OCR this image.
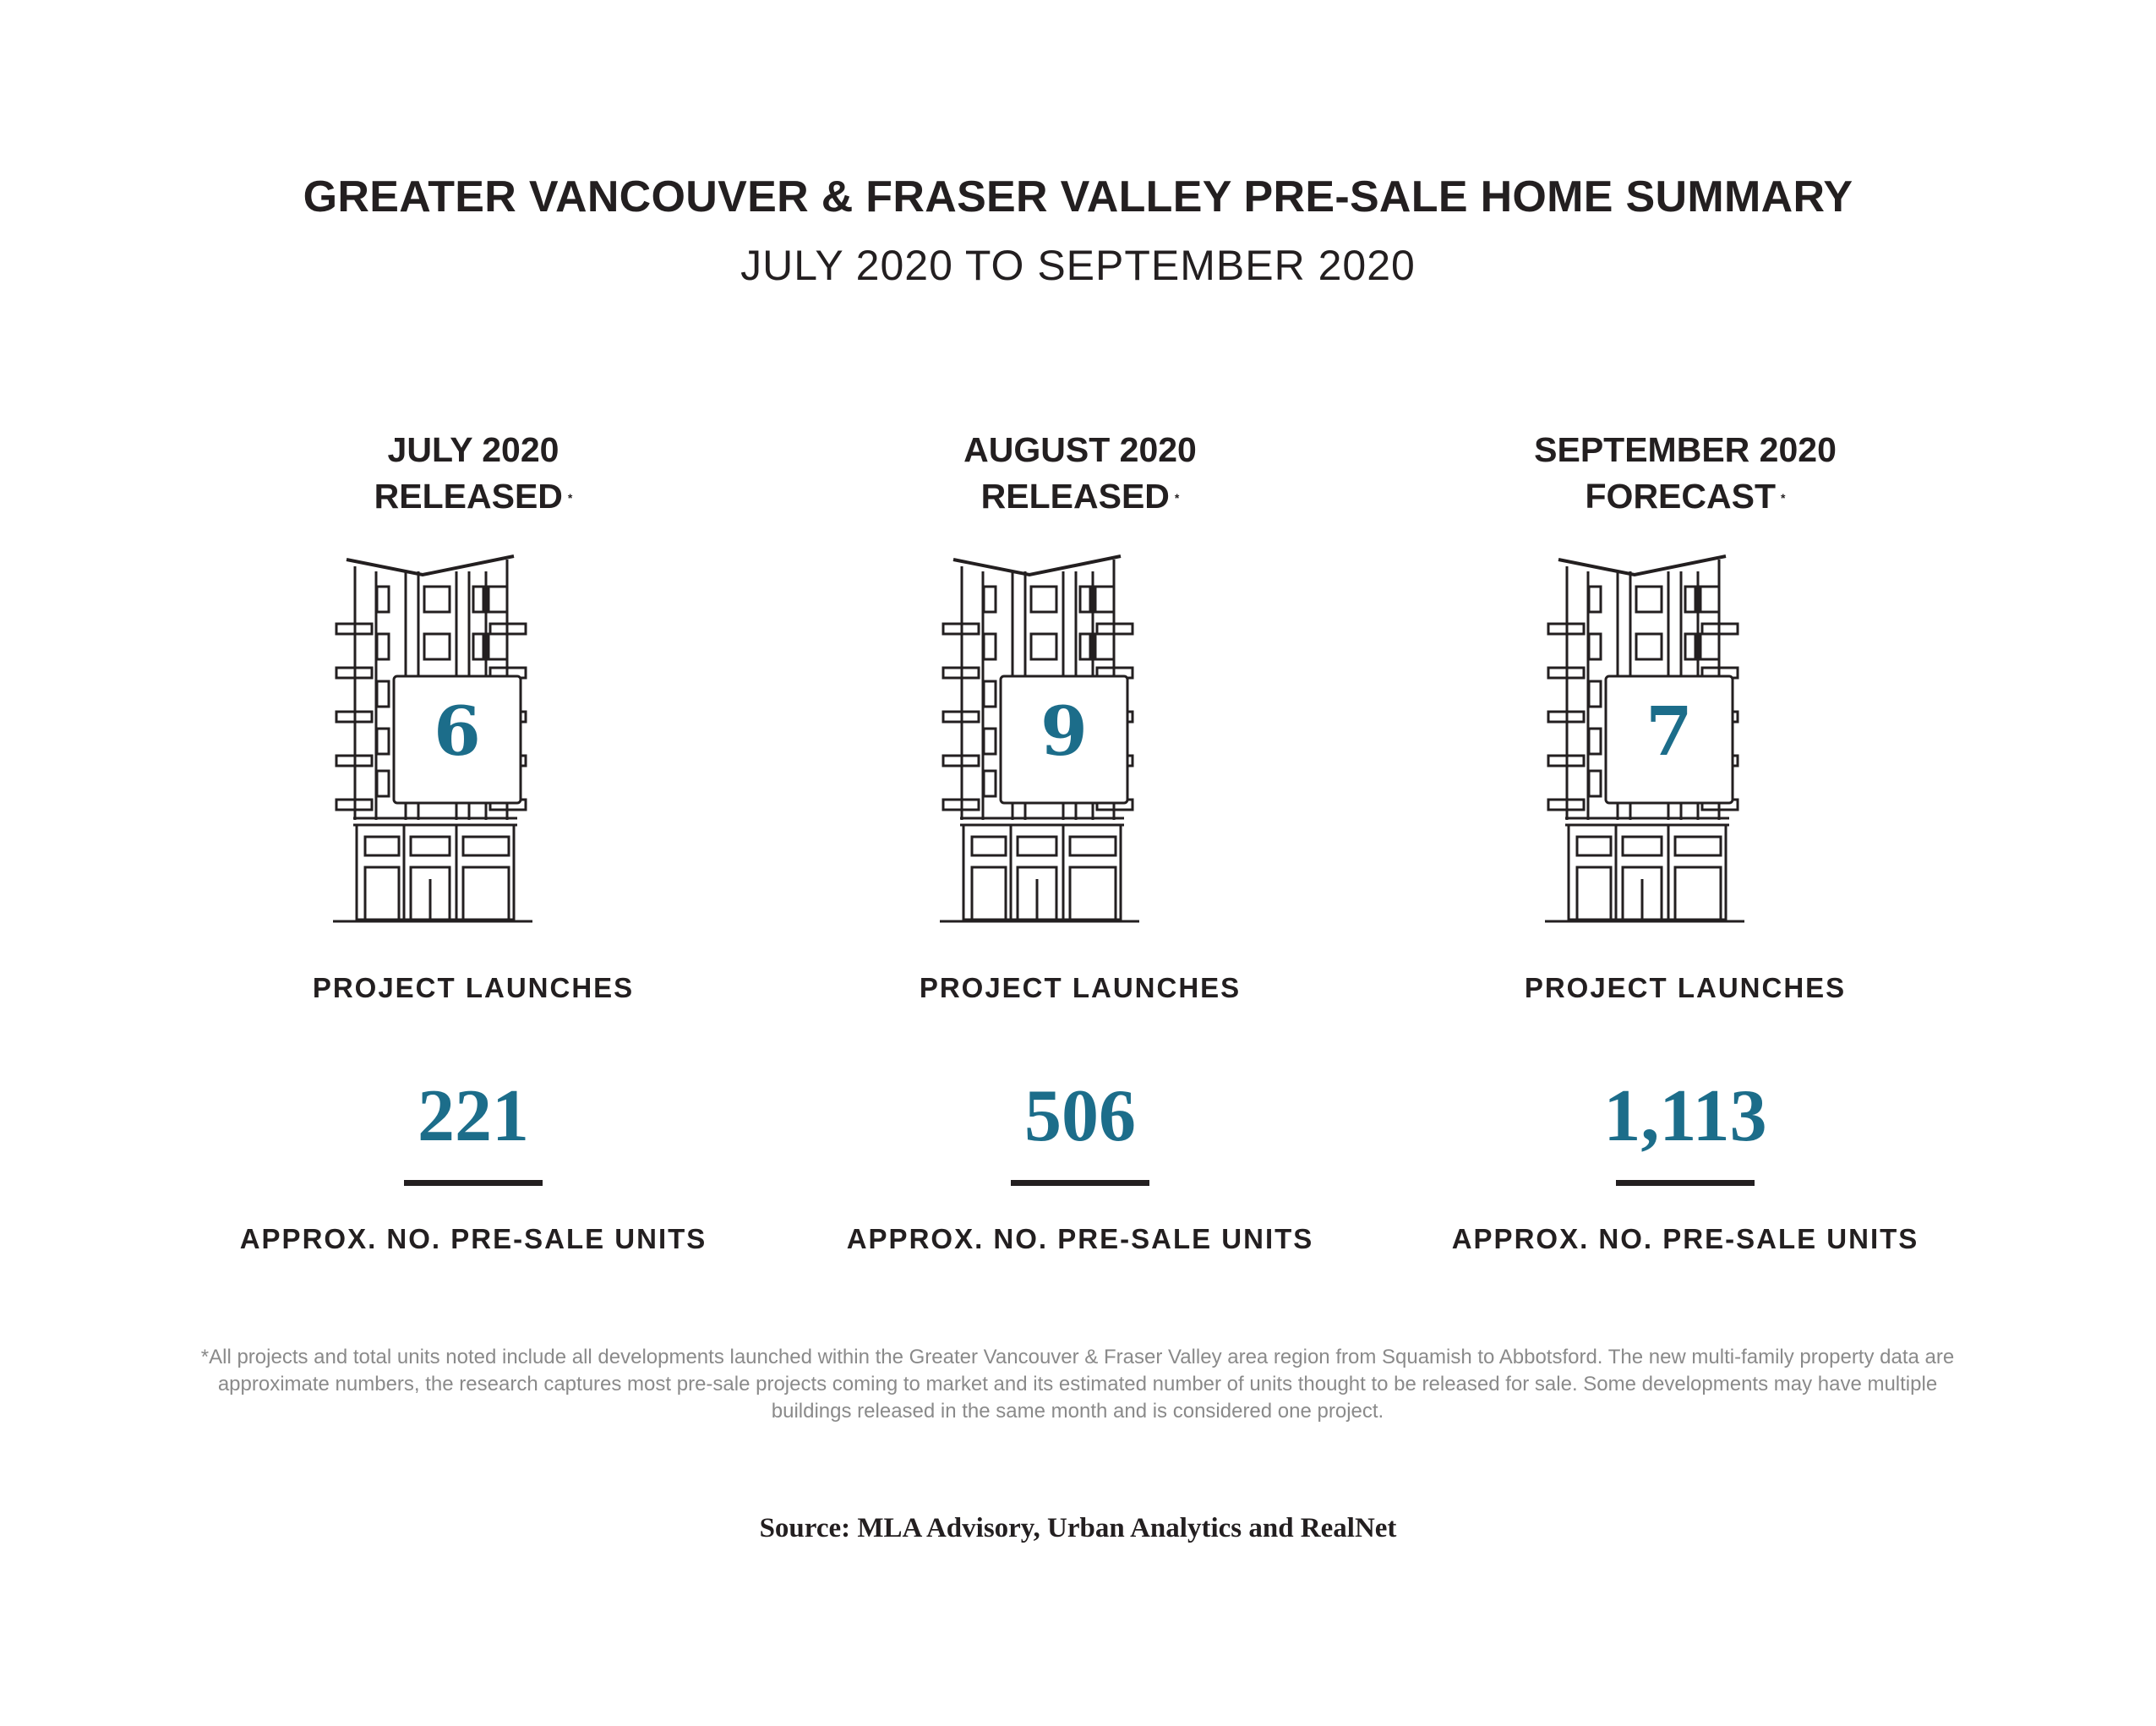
GREATER VANCOUVER & FRASER VALLEY PRE-SALE HOME SUMMARY
JULY 2020 TO SEPTEMBER 2020
JULY 2020
RELEASED *
6
PROJECT LAUNCHES
221
APPROX. NO. PRE-SALE UNITS
AUGUST 2020
RELEASED *
9
PROJECT LAUNCHES
506
APPROX. NO. PRE-SALE UNITS
SEPTEMBER 2020
FORECAST *
7
PROJECT LAUNCHES
1,113
APPROX. NO. PRE-SALE UNITS
*All projects and total units noted include all developments launched within the Greater Vancouver & Fraser Valley area region from Squamish to Abbotsford. The new multi-family property data are approximate numbers, the research captures most pre-sale projects coming to market and its estimated number of units thought to be released for sale. Some developments may have multiple buildings released in the same month and is considered one project.
Source: MLA Advisory, Urban Analytics and RealNet
